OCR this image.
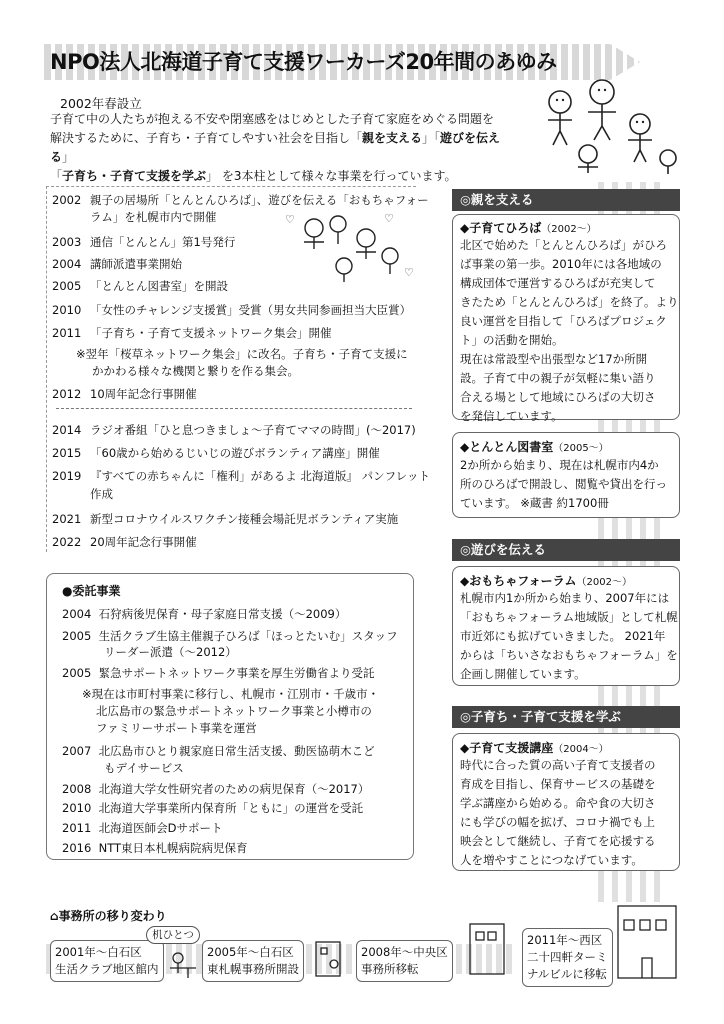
NPO法人北海道子育て支援ワーカーズ20年間のあゆみ
2002年春設立
子育て中の人たちが抱える不安や閉塞感をはじめとした子育て家庭をめぐる問題を
解決するために、子育ち・子育てしやすい社会を目指し「親を支える」「遊びを伝える」
「子育ち・子育て支援を学ぶ」 を3本柱として様々な事業を行っています。
2002 親子の居場所「とんとんひろば」、遊びを伝える「おもちゃフォー
ラム」を札幌市内で開催
2003 通信「とんとん」第1号発行
2004 講師派遣事業開始
2005 「とんとん図書室」を開設
2010 「女性のチャレンジ支援賞」受賞（男女共同参画担当大臣賞）
2011 「子育ち・子育て支援ネットワーク集会」開催
※翌年「桜草ネットワーク集会」に改名。子育ち・子育て支援に
かかわる様々な機関と繋りを作る集会。
2012 10周年記念行事開催
2014 ラジオ番組「ひと息つきましょ～子育てママの時間」(～2017)
2015 「60歳から始めるじいじの遊びボランティア講座」開催
2019 『すべての赤ちゃんに「権利」があるよ 北海道版』 パンフレット
作成
2021 新型コロナウイルスワクチン接種会場託児ボランティア実施
2022 20周年記念行事開催
♡
♡
♡
●委託事業
2004 石狩病後児保育・母子家庭日常支援（～2009）
2005 生活クラブ生協主催親子ひろば「ほっとたいむ」スタッフ
リーダー派遣（～2012）
2005 緊急サポートネットワーク事業を厚生労働省より受託
※現在は市町村事業に移行し、札幌市・江別市・千歳市・
北広島市の緊急サポートネットワーク事業と小樽市の
ファミリーサポート事業を運営
2007 北広島市ひとり親家庭日常生活支援、動医協萌木こど
もデイサービス
2008 北海道大学女性研究者のための病児保育（～2017）
2010 北海道大学事業所内保育所「ともに」の運営を受託
2011 北海道医師会Dサポート
2016 NTT東日本札幌病院病児保育
◎親を支える
◆子育てひろば（2002～）
北区で始めた「とんとんひろば」がひろ
ば事業の第一歩。2010年には各地域の
構成団体で運営するひろばが充実して
きたため「とんとんひろば」を終了。より
良い運営を目指して「ひろばプロジェク
ト」の活動を開始。
現在は常設型や出張型など17か所開
設。子育て中の親子が気軽に集い語り
合える場として地域にひろばの大切さ
を発信しています。
◆とんとん図書室（2005～）
2か所から始まり、現在は札幌市内4か
所のひろばで開設し、閲覧や貸出を行っ
ています。 ※蔵書 約1700冊
◎遊びを伝える
◆おもちゃフォーラム（2002～）
札幌市内1か所から始まり、2007年には
「おもちゃフォーラム地域版」として札幌
市近郊にも拡げていきました。 2021年
からは「ちいさなおもちゃフォーラム」を
企画し開催しています。
◎子育ち・子育て支援を学ぶ
◆子育て支援講座（2004～）
時代に合った質の高い子育て支援者の
育成を目指し、保育サービスの基礎を
学ぶ講座から始める。命や食の大切さ
にも学びの幅を拡げ、コロナ禍でも上
映会として継続し、子育てを応援する
人を増やすことにつなげています。
⌂事務所の移り変わり
2001年～白石区
生活クラブ地区館内
机ひとつ
2005年～白石区
東札幌事務所開設
2008年～中央区
事務所移転
2011年～西区
二十四軒ターミ
ナルビルに移転
